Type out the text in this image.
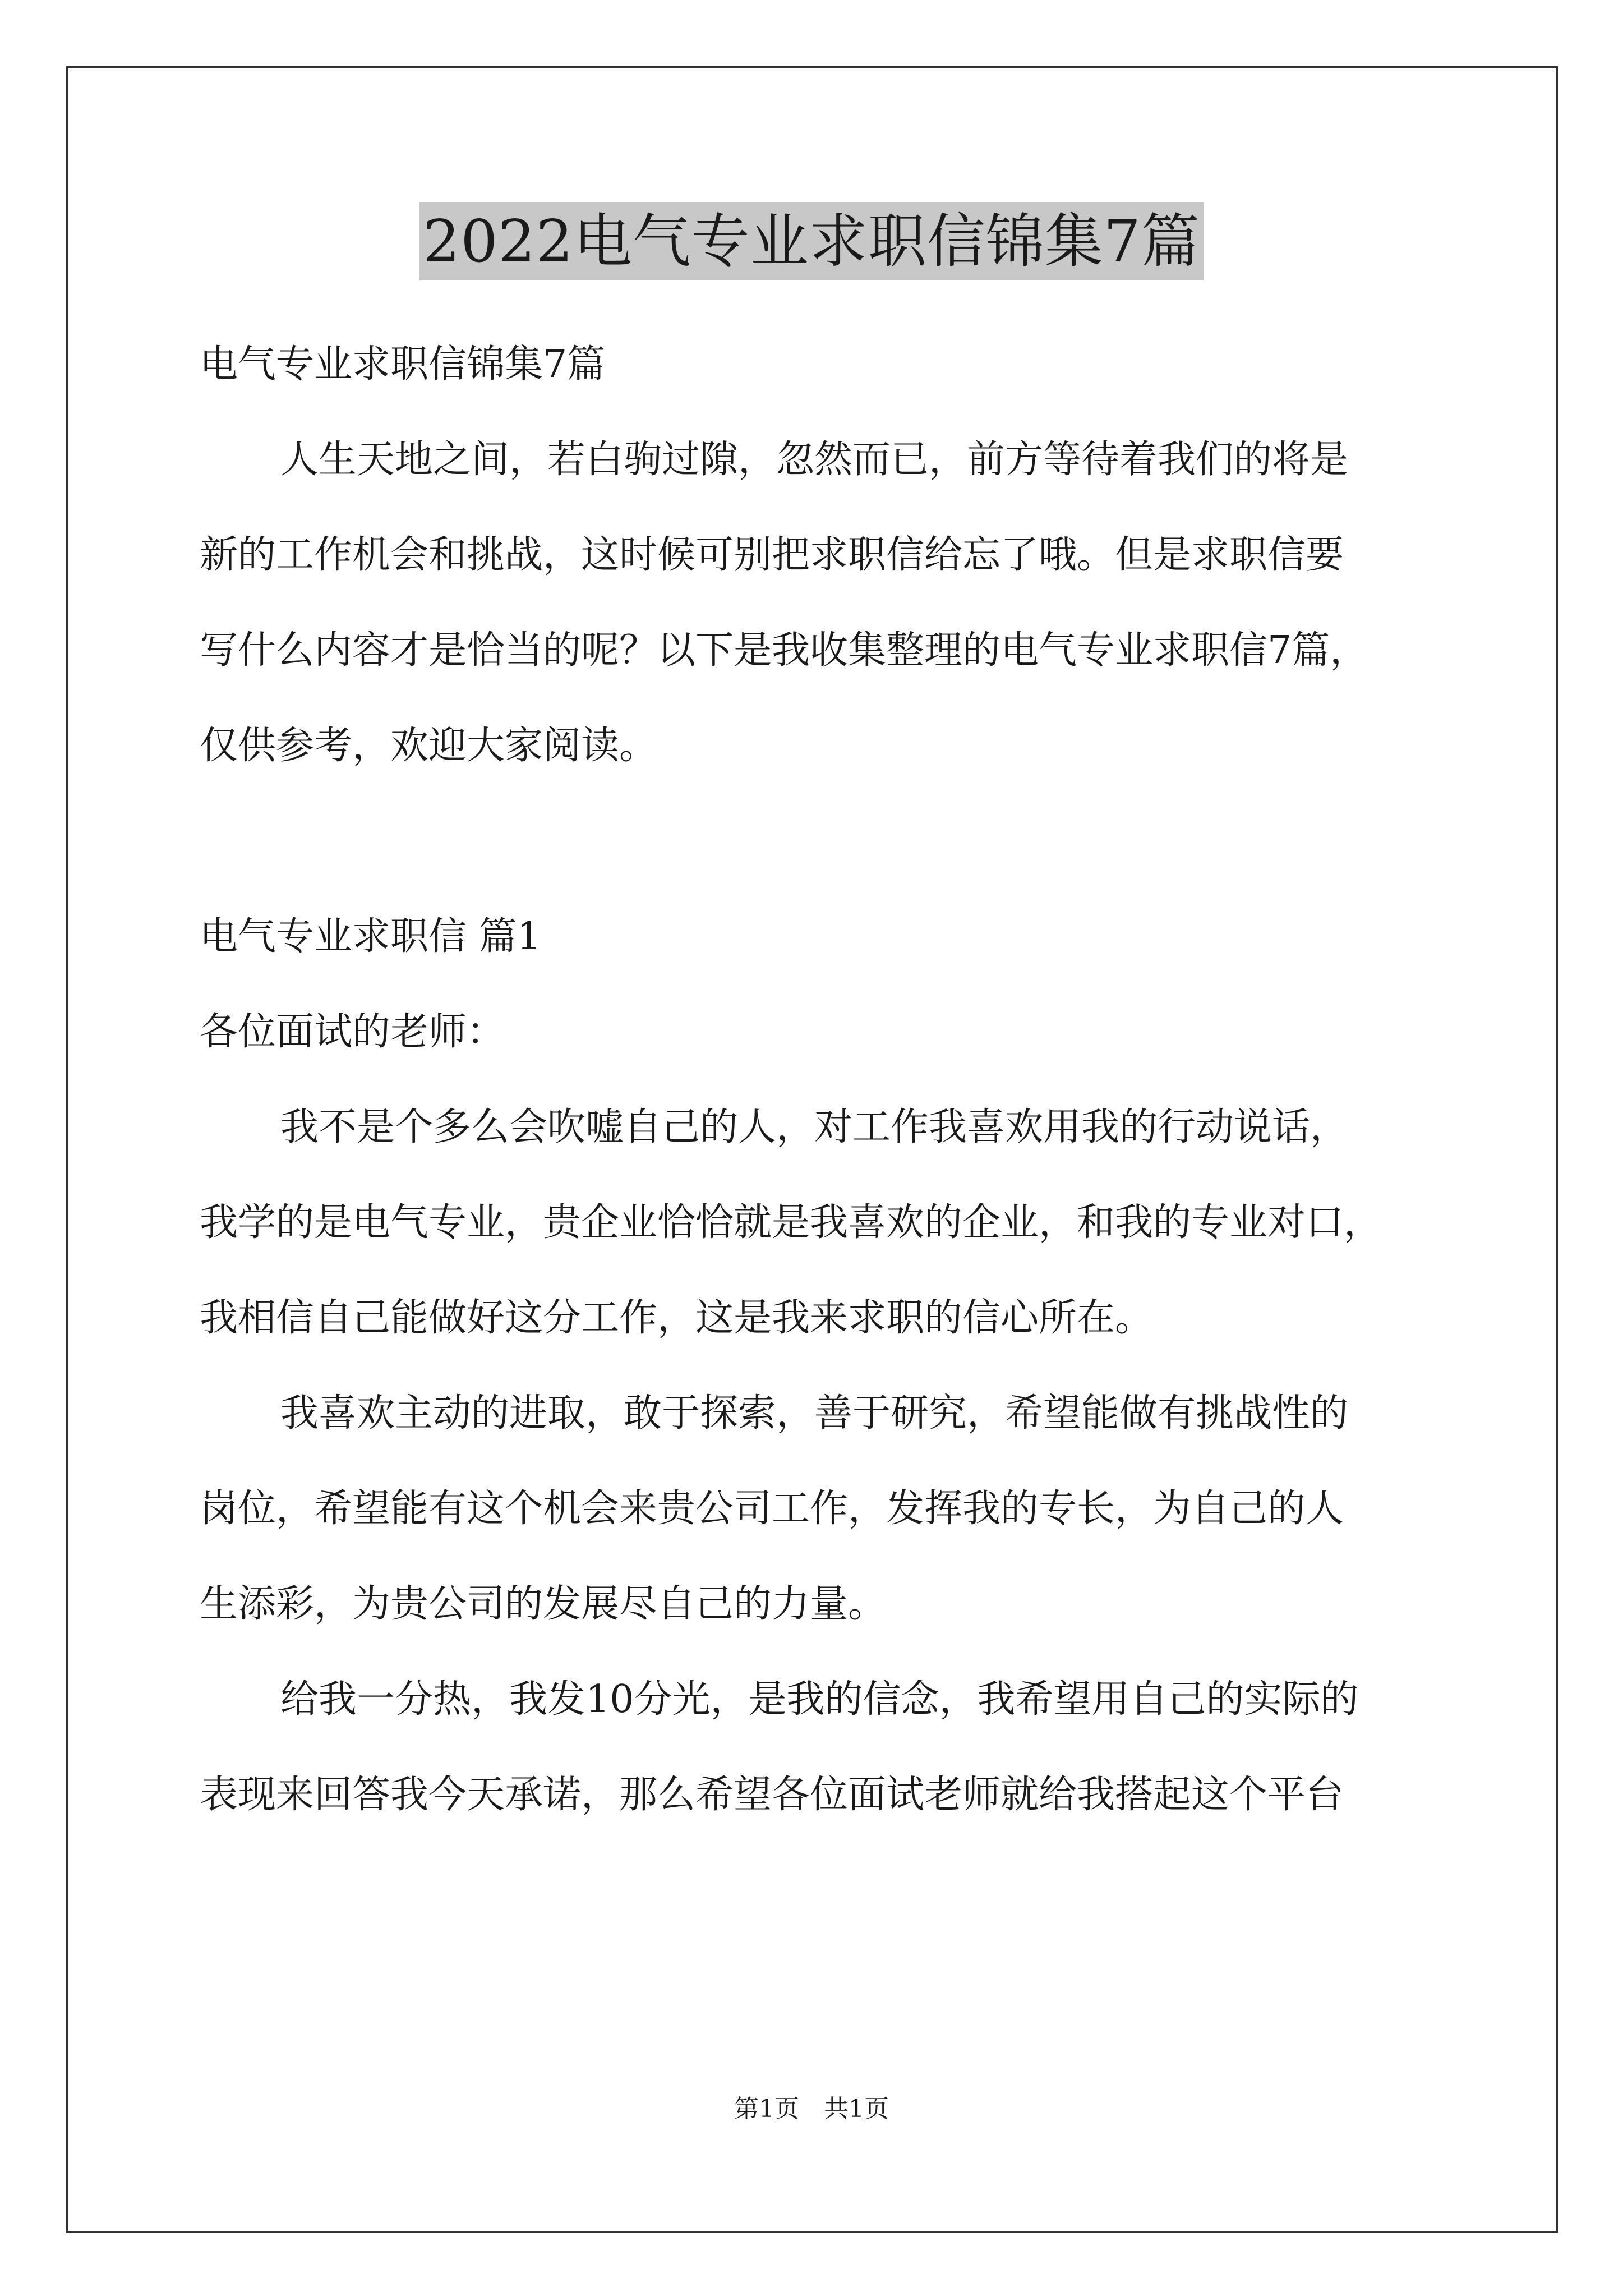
2022电气专业求职信锦集7篇
电气专业求职信锦集7篇
人生天地之间，若白驹过隙，忽然而已，前方等待着我们的将是
新的工作机会和挑战，这时候可别把求职信给忘了哦。但是求职信要
写什么内容才是恰当的呢？以下是我收集整理的电气专业求职信7篇，
仅供参考，欢迎大家阅读。
电气专业求职信 篇1
各位面试的老师：
我不是个多么会吹嘘自己的人，对工作我喜欢用我的行动说话，
我学的是电气专业，贵企业恰恰就是我喜欢的企业，和我的专业对口，
我相信自己能做好这分工作，这是我来求职的信心所在。
我喜欢主动的进取，敢于探索，善于研究，希望能做有挑战性的
岗位，希望能有这个机会来贵公司工作，发挥我的专长，为自己的人
生添彩，为贵公司的发展尽自己的力量。
给我一分热，我发10分光，是我的信念，我希望用自己的实际的
表现来回答我今天承诺，那么希望各位面试老师就给我搭起这个平台
第1页　共1页
